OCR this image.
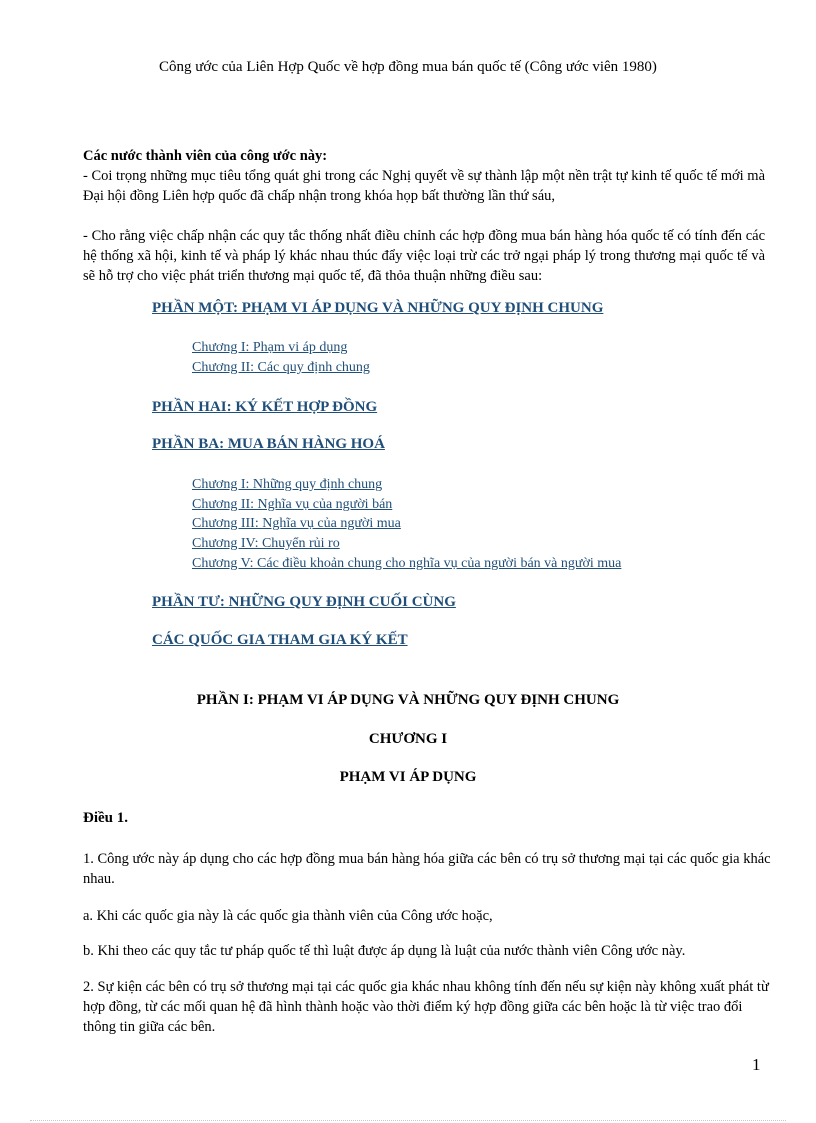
Công ước của Liên Hợp Quốc về hợp đồng mua bán quốc tế (Công ước viên 1980)
Các nước thành viên của công ước này:

- Coi trọng những mục tiêu tổng quát ghi trong các Nghị quyết về sự thành lập một nền trật tự kinh tế quốc tế mới mà Đại hội đồng Liên hợp quốc đã chấp nhận trong khóa họp bất thường lần thứ sáu,

- Cho rằng việc chấp nhận các quy tắc thống nhất điều chỉnh các hợp đồng mua bán hàng hóa quốc tế có tính đến các hệ thống xã hội, kinh tế và pháp lý khác nhau thúc đẩy việc loại trừ các trở ngại pháp lý trong thương mại quốc tế và sẽ hỗ trợ cho việc phát triển thương mại quốc tế, đã thỏa thuận những điều sau:

PHẦN MỘT: PHẠM VI ÁP DỤNG VÀ NHỮNG QUY ĐỊNH CHUNG
Chương I: Phạm vi áp dụng
Chương II: Các quy định chung
PHẦN HAI: KÝ KẾT HỢP ĐỒNG
PHẦN BA: MUA BÁN HÀNG HOÁ
Chương I: Những quy định chung
Chương II: Nghĩa vụ của người bán
Chương III: Nghĩa vụ của người mua
Chương IV: Chuyển rủi ro
Chương V: Các điều khoản chung cho nghĩa vụ của người bán và người mua
PHẦN TƯ: NHỮNG QUY ĐỊNH CUỐI CÙNG
CÁC QUỐC GIA THAM GIA KÝ KẾT
PHẦN I: PHẠM VI ÁP DỤNG VÀ NHỮNG QUY ĐỊNH CHUNG
CHƯƠNG I
PHẠM VI ÁP DỤNG
Điều 1.

1. Công ước này áp dụng cho các hợp đồng mua bán hàng hóa giữa các bên có trụ sở thương mại tại các quốc gia khác nhau.

a. Khi các quốc gia này là các quốc gia thành viên của Công ước hoặc,

b. Khi theo các quy tắc tư pháp quốc tế thì luật được áp dụng là luật của nước thành viên Công ước này.

2. Sự kiện các bên có trụ sở thương mại tại các quốc gia khác nhau không tính đến nếu sự kiện này không xuất phát từ hợp đồng, từ các mối quan hệ đã hình thành hoặc vào thời điểm ký hợp đồng giữa các bên hoặc là từ việc trao đổi thông tin giữa các bên.

1
